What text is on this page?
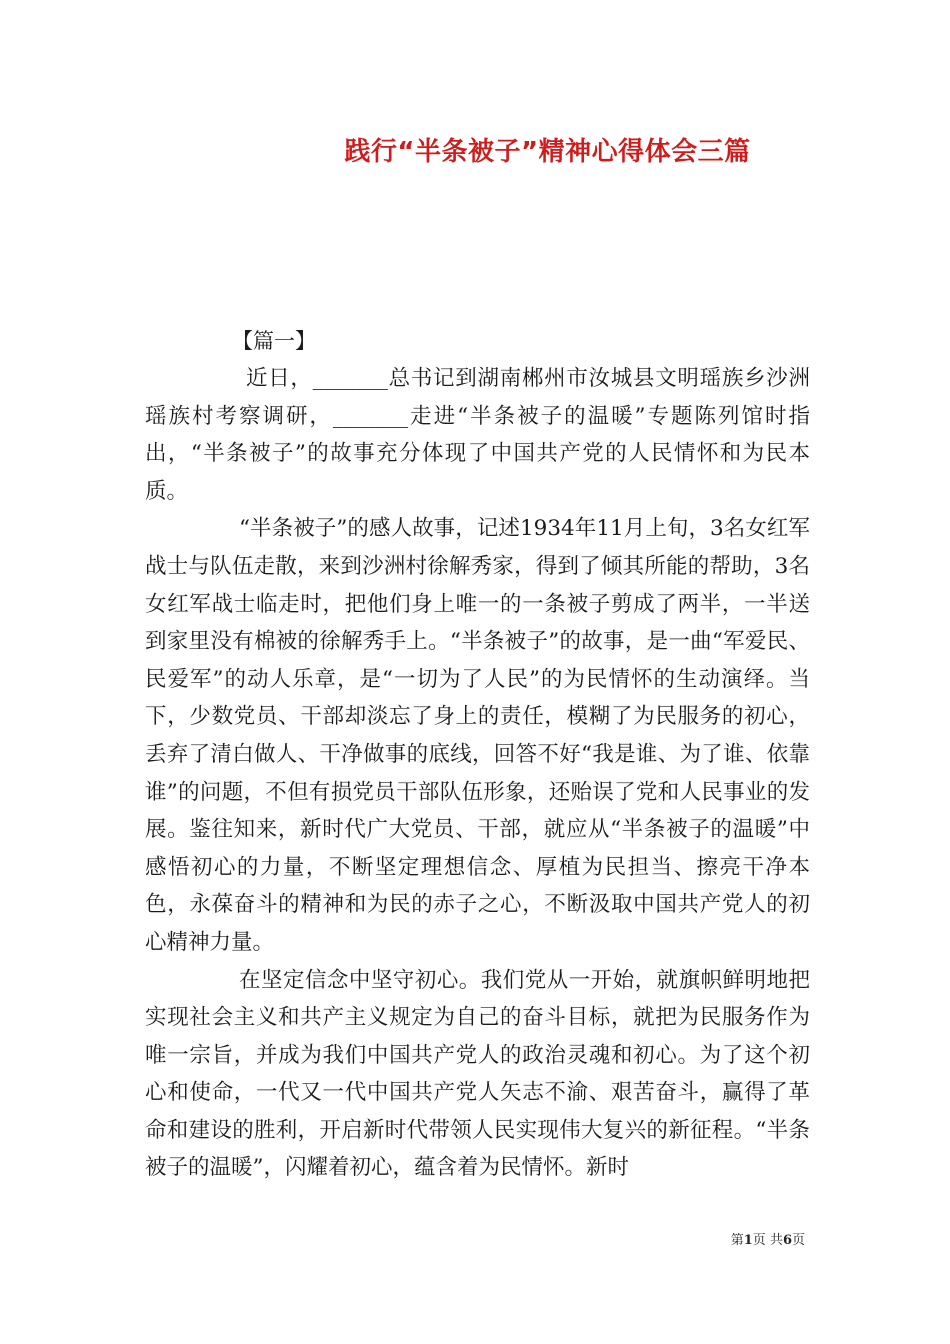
践行“半条被子”精神心得体会三篇

【篇一】

近日，_______总书记到湖南郴州市汝城县文明瑶族乡沙洲瑶族村考察调研，_______走进“半条被子的温暖”专题陈列馆时指出，“半条被子”的故事充分体现了中国共产党的人民情怀和为民本质。

“半条被子”的感人故事，记述1934年11月上旬，3名女红军战士与队伍走散，来到沙洲村徐解秀家，得到了倾其所能的帮助，3名女红军战士临走时，把他们身上唯一的一条被子剪成了两半，一半送到家里没有棉被的徐解秀手上。“半条被子”的故事，是一曲“军爱民、民爱军”的动人乐章，是“一切为了人民”的为民情怀的生动演绎。当下，少数党员、干部却淡忘了身上的责任，模糊了为民服务的初心，丢弃了清白做人、干净做事的底线，回答不好“我是谁、为了谁、依靠谁”的问题，不但有损党员干部队伍形象，还贻误了党和人民事业的发展。鉴往知来，新时代广大党员、干部，就应从“半条被子的温暖”中感悟初心的力量，不断坚定理想信念、厚植为民担当、擦亮干净本色，永葆奋斗的精神和为民的赤子之心，不断汲取中国共产党人的初心精神力量。

在坚定信念中坚守初心。我们党从一开始，就旗帜鲜明地把实现社会主义和共产主义规定为自己的奋斗目标，就把为民服务作为唯一宗旨，并成为我们中国共产党人的政治灵魂和初心。为了这个初心和使命，一代又一代中国共产党人矢志不渝、艰苦奋斗，赢得了革命和建设的胜利，开启新时代带领人民实现伟大复兴的新征程。“半条被子的温暖”，闪耀着初心，蕴含着为民情怀。新时

第1页 共6页
